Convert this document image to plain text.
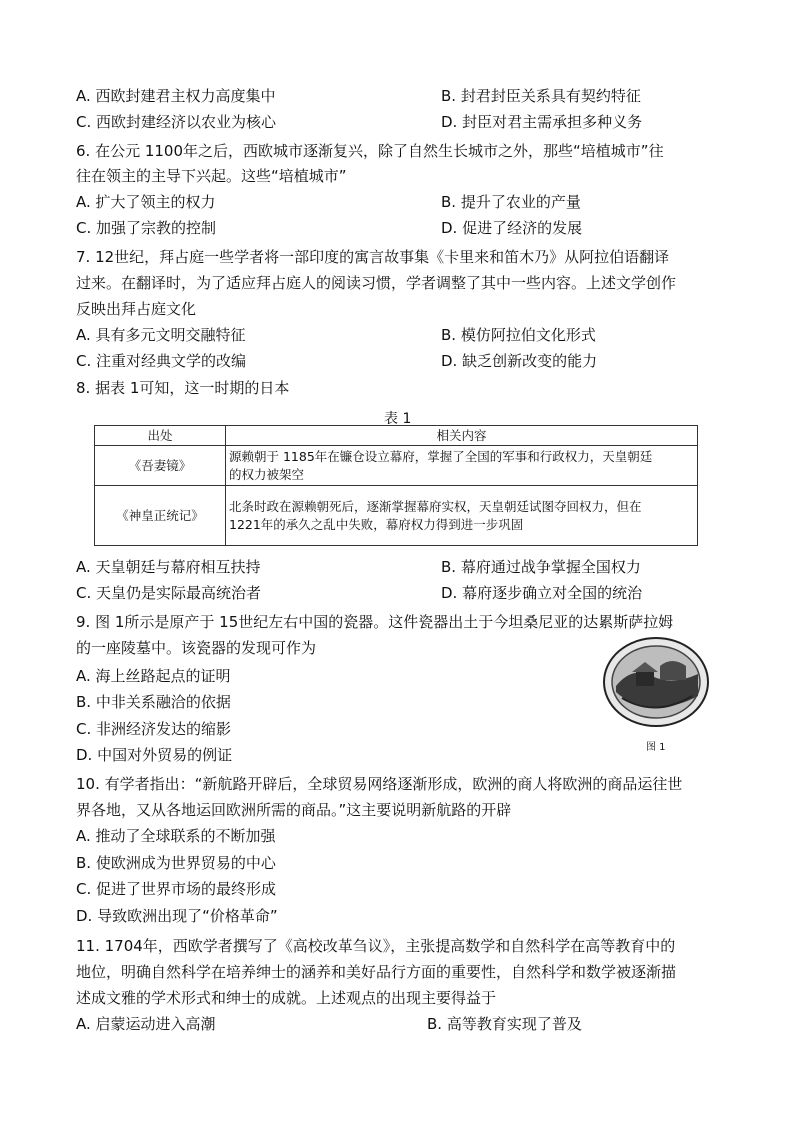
A. 西欧封建君主权力高度集中	B. 封君封臣关系具有契约特征
C. 西欧封建经济以农业为核心	D. 封臣对君主需承担多种义务
6. 在公元 1100年之后，西欧城市逐渐复兴，除了自然生长城市之外，那些“培植城市”往
往在领主的主导下兴起。这些“培植城市”
A. 扩大了领主的权力	B. 提升了农业的产量
C. 加强了宗教的控制	D. 促进了经济的发展
7. 12世纪，拜占庭一些学者将一部印度的寓言故事集《卡里来和笛木乃》从阿拉伯语翻译
过来。在翻译时，为了适应拜占庭人的阅读习惯，学者调整了其中一些内容。上述文学创作
反映出拜占庭文化
A. 具有多元文明交融特征	B. 模仿阿拉伯文化形式
C. 注重对经典文学的改编	D. 缺乏创新改变的能力
8. 据表 1可知，这一时期的日本
表 1
出处	相关内容
《吾妻镜》	源赖朝于 1185年在镰仓设立幕府，掌握了全国的军事和行政权力，天皇朝廷
的权力被架空

《神皇正统记》	北条时政在源赖朝死后，逐渐掌握幕府实权，天皇朝廷试图夺回权力，但在
1221年的承久之乱中失败，幕府权力得到进一步巩固
A. 天皇朝廷与幕府相互扶持	B. 幕府通过战争掌握全国权力
C. 天皇仍是实际最高统治者	D. 幕府逐步确立对全国的统治
9. 图 1所示是原产于 15世纪左右中国的瓷器。这件瓷器出土于今坦桑尼亚的达累斯萨拉姆
的一座陵墓中。该瓷器的发现可作为
A. 海上丝路起点的证明
B. 中非关系融洽的依据
C. 非洲经济发达的缩影
D. 中国对外贸易的例证	图 1
10. 有学者指出：“新航路开辟后，全球贸易网络逐渐形成，欧洲的商人将欧洲的商品运往世
界各地，又从各地运回欧洲所需的商品。”这主要说明新航路的开辟
A. 推动了全球联系的不断加强
B. 使欧洲成为世界贸易的中心
C. 促进了世界市场的最终形成
D. 导致欧洲出现了“价格革命”
11. 1704年，西欧学者撰写了《高校改革刍议》，主张提高数学和自然科学在高等教育中的
地位，明确自然科学在培养绅士的涵养和美好品行方面的重要性，自然科学和数学被逐渐描
述成文雅的学术形式和绅士的成就。上述观点的出现主要得益于
A. 启蒙运动进入高潮	B. 高等教育实现了普及
